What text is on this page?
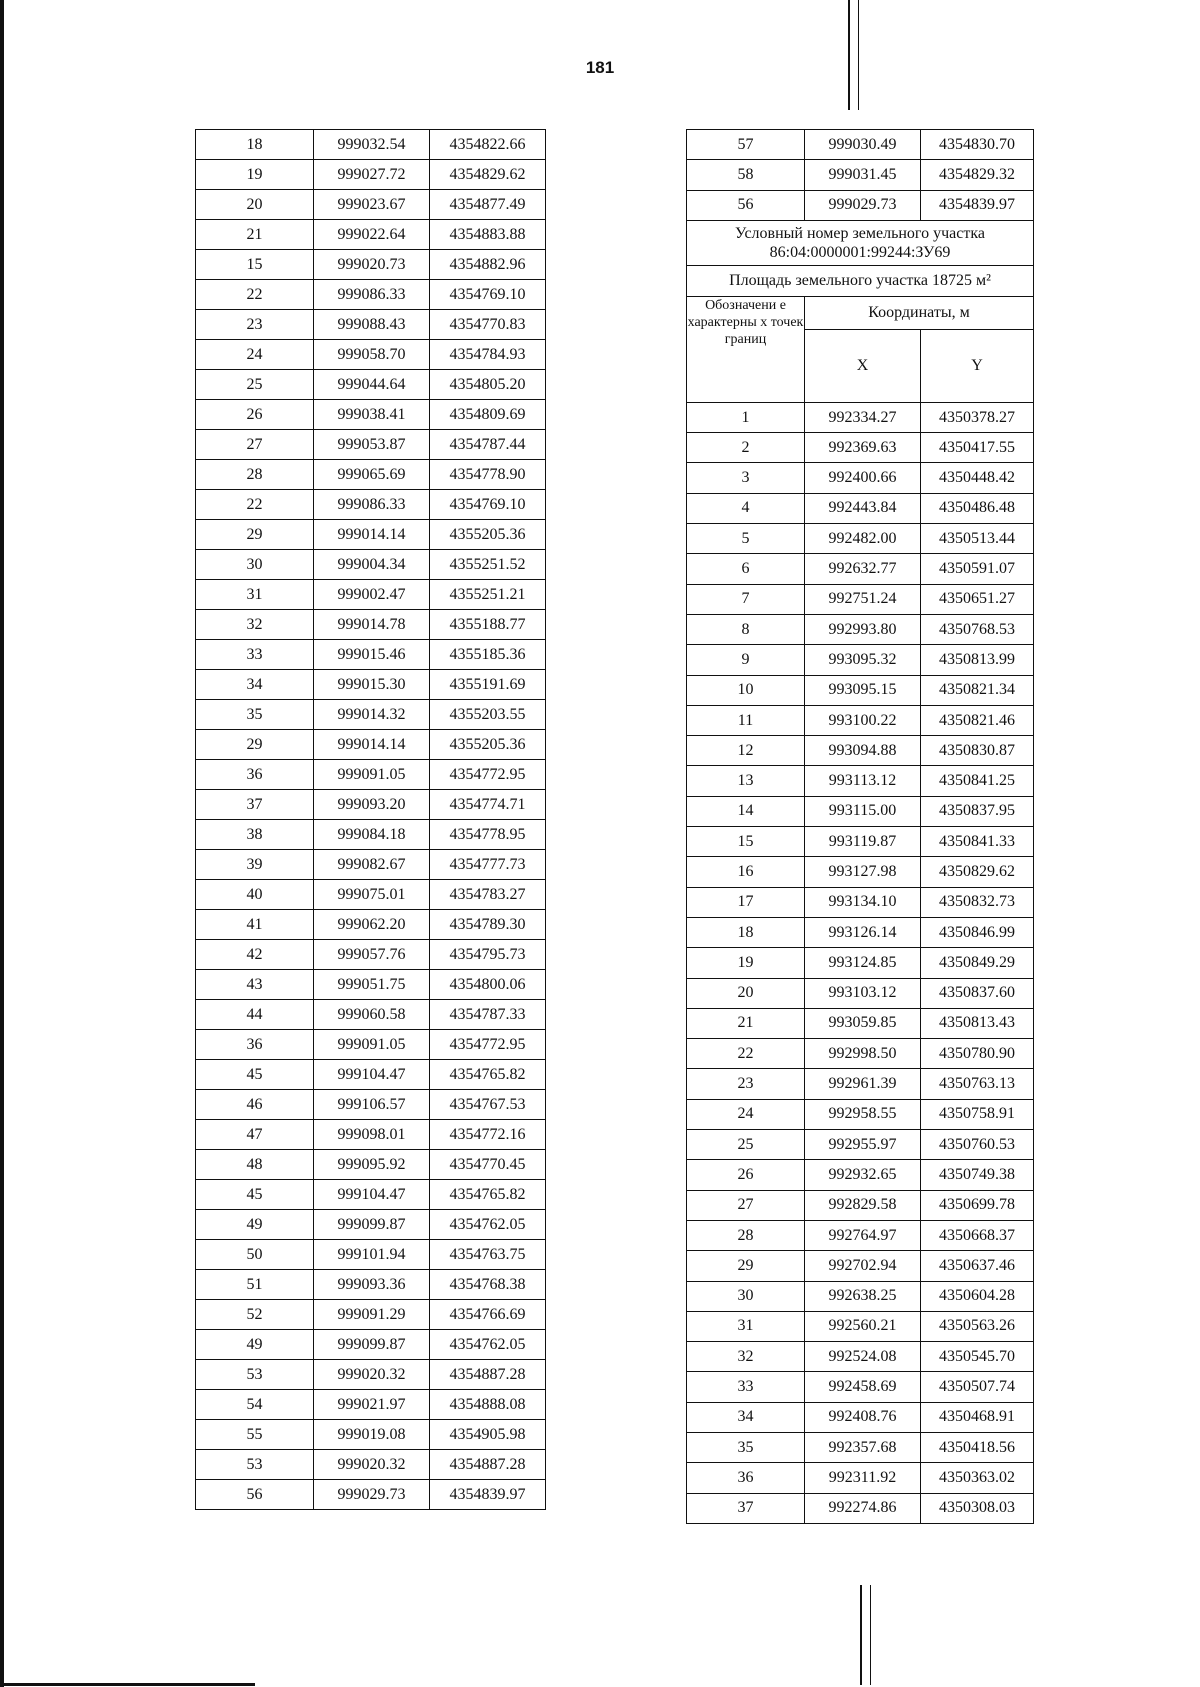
181
18	999032.54	4354822.66
19	999027.72	4354829.62
20	999023.67	4354877.49
21	999022.64	4354883.88
15	999020.73	4354882.96
22	999086.33	4354769.10
23	999088.43	4354770.83
24	999058.70	4354784.93
25	999044.64	4354805.20
26	999038.41	4354809.69
27	999053.87	4354787.44
28	999065.69	4354778.90
22	999086.33	4354769.10
29	999014.14	4355205.36
30	999004.34	4355251.52
31	999002.47	4355251.21
32	999014.78	4355188.77
33	999015.46	4355185.36
34	999015.30	4355191.69
35	999014.32	4355203.55
29	999014.14	4355205.36
36	999091.05	4354772.95
37	999093.20	4354774.71
38	999084.18	4354778.95
39	999082.67	4354777.73
40	999075.01	4354783.27
41	999062.20	4354789.30
42	999057.76	4354795.73
43	999051.75	4354800.06
44	999060.58	4354787.33
36	999091.05	4354772.95
45	999104.47	4354765.82
46	999106.57	4354767.53
47	999098.01	4354772.16
48	999095.92	4354770.45
45	999104.47	4354765.82
49	999099.87	4354762.05
50	999101.94	4354763.75
51	999093.36	4354768.38
52	999091.29	4354766.69
49	999099.87	4354762.05
53	999020.32	4354887.28
54	999021.97	4354888.08
55	999019.08	4354905.98
53	999020.32	4354887.28
56	999029.73	4354839.97
57	999030.49	4354830.70
58	999031.45	4354829.32
56	999029.73	4354839.97
Условный номер земельного участка 86:04:0000001:99244:ЗУ69		
Площадь земельного участка 18725 м²		
Обозначени е характерны х точек границ	Координаты, м	
	X	Y
1	992334.27	4350378.27
2	992369.63	4350417.55
3	992400.66	4350448.42
4	992443.84	4350486.48
5	992482.00	4350513.44
6	992632.77	4350591.07
7	992751.24	4350651.27
8	992993.80	4350768.53
9	993095.32	4350813.99
10	993095.15	4350821.34
11	993100.22	4350821.46
12	993094.88	4350830.87
13	993113.12	4350841.25
14	993115.00	4350837.95
15	993119.87	4350841.33
16	993127.98	4350829.62
17	993134.10	4350832.73
18	993126.14	4350846.99
19	993124.85	4350849.29
20	993103.12	4350837.60
21	993059.85	4350813.43
22	992998.50	4350780.90
23	992961.39	4350763.13
24	992958.55	4350758.91
25	992955.97	4350760.53
26	992932.65	4350749.38
27	992829.58	4350699.78
28	992764.97	4350668.37
29	992702.94	4350637.46
30	992638.25	4350604.28
31	992560.21	4350563.26
32	992524.08	4350545.70
33	992458.69	4350507.74
34	992408.76	4350468.91
35	992357.68	4350418.56
36	992311.92	4350363.02
37	992274.86	4350308.03
